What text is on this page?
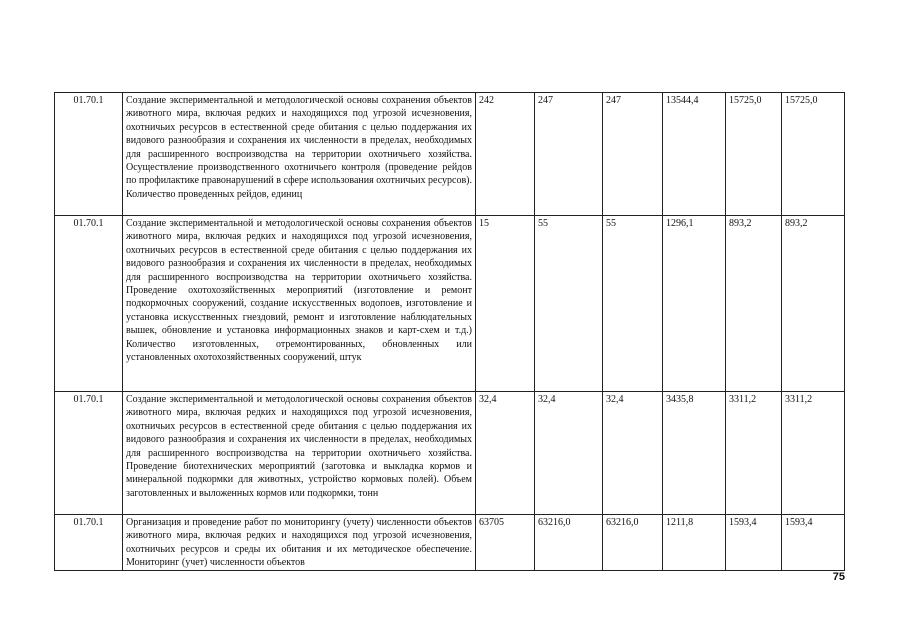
01.70.1	Создание экспериментальной и методологической основы сохранения объектов животного мира, включая редких и находящихся под угрозой исчезновения, охотничьих ресурсов в естественной среде обитания с целью поддержания их видового разнообразия и сохранения их численности в пределах, необходимых для расширенного воспроизводства на территории охотничьего хозяйства. Осуществление производственного охотничьего контроля (проведение рейдов по профилактике правонарушений в сфере использования охотничьих ресурсов). Количество проведенных рейдов, единиц	242	247	247	13544,4	15725,0	15725,0
01.70.1	Создание экспериментальной и методологической основы сохранения объектов животного мира, включая редких и находящихся под угрозой исчезновения, охотничьих ресурсов в естественной среде обитания с целью поддержания их видового разнообразия и сохранения их численности в пределах, необходимых для расширенного воспроизводства на территории охотничьего хозяйства. Проведение охотохозяйственных мероприятий (изготовление и ремонт подкормочных сооружений, создание искусственных водопоев, изготовление и установка искусственных гнездовий, ремонт и изготовление наблюдательных вышек, обновление и установка информационных знаков и карт-схем и т.д.) Количество изготовленных, отремонтированных, обновленных или установленных охотохозяйственных сооружений, штук	15	55	55	1296,1	893,2	893,2
01.70.1	Создание экспериментальной и методологической основы сохранения объектов животного мира, включая редких и находящихся под угрозой исчезновения, охотничьих ресурсов в естественной среде обитания с целью поддержания их видового разнообразия и сохранения их численности в пределах, необходимых для расширенного воспроизводства на территории охотничьего хозяйства. Проведение биотехнических мероприятий (заготовка и выкладка кормов и минеральной подкормки для животных, устройство кормовых полей). Объем заготовленных и выложенных кормов или подкормки, тонн	32,4	32,4	32,4	3435,8	3311,2	3311,2
01.70.1	Организация и проведение работ по мониторингу (учету) численности объектов животного мира, включая редких и находящихся под угрозой исчезновения, охотничьих ресурсов и среды их обитания и их методическое обеспечение. Мониторинг (учет) численности объектов	63705	63216,0	63216,0	1211,8	1593,4	1593,4
75
